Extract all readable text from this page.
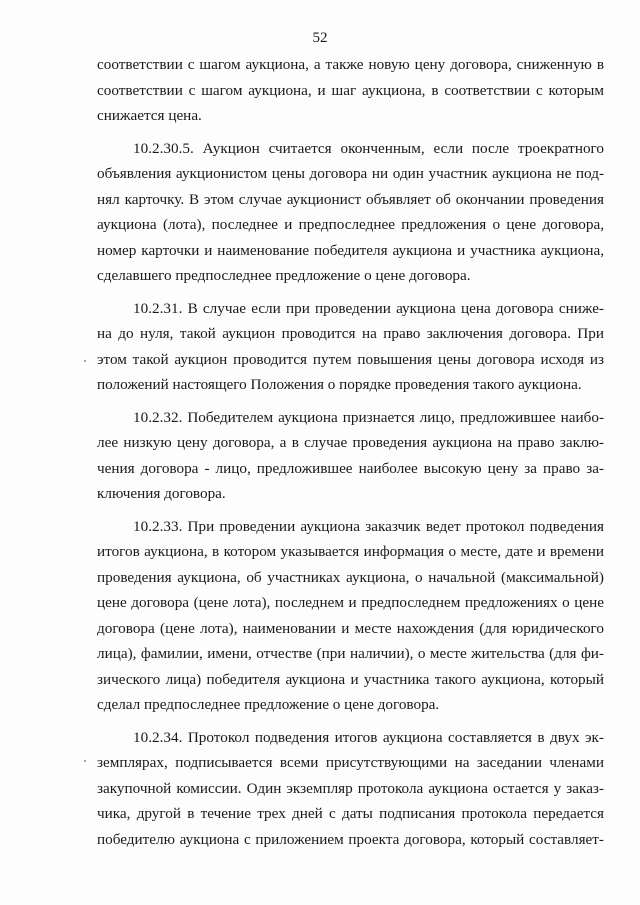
52
соответствии с шагом аукциона, а также новую цену договора, сниженную в
соответствии с шагом аукциона, и шаг аукциона, в соответствии с которым
снижается цена.
10.2.30.5. Аукцион считается оконченным, если после троекратного
объявления аукционистом цены договора ни один участник аукциона не под-
нял карточку. В этом случае аукционист объявляет об окончании проведения
аукциона (лота), последнее и предпоследнее предложения о цене договора,
номер карточки и наименование победителя аукциона и участника аукциона,
сделавшего предпоследнее предложение о цене договора.
10.2.31. В случае если при проведении аукциона цена договора сниже-
на до нуля, такой аукцион проводится на право заключения договора. При
этом такой аукцион проводится путем повышения цены договора исходя из
положений настоящего Положения о порядке проведения такого аукциона.
10.2.32. Победителем аукциона признается лицо, предложившее наибо-
лее низкую цену договора, а в случае проведения аукциона на право заклю-
чения договора - лицо, предложившее наиболее высокую цену за право за-
ключения договора.
10.2.33. При проведении аукциона заказчик ведет протокол подведения
итогов аукциона, в котором указывается информация о месте, дате и времени
проведения аукциона, об участниках аукциона, о начальной (максимальной)
цене договора (цене лота), последнем и предпоследнем предложениях о цене
договора (цене лота), наименовании и месте нахождения (для юридического
лица), фамилии, имени, отчестве (при наличии), о месте жительства (для фи-
зического лица) победителя аукциона и участника такого аукциона, который
сделал предпоследнее предложение о цене договора.
10.2.34. Протокол подведения итогов аукциона составляется в двух эк-
земплярах, подписывается всеми присутствующими на заседании членами
закупочной комиссии. Один экземпляр протокола аукциона остается у заказ-
чика, другой в течение трех дней с даты подписания протокола передается
победителю аукциона с приложением проекта договора, который составляет-
